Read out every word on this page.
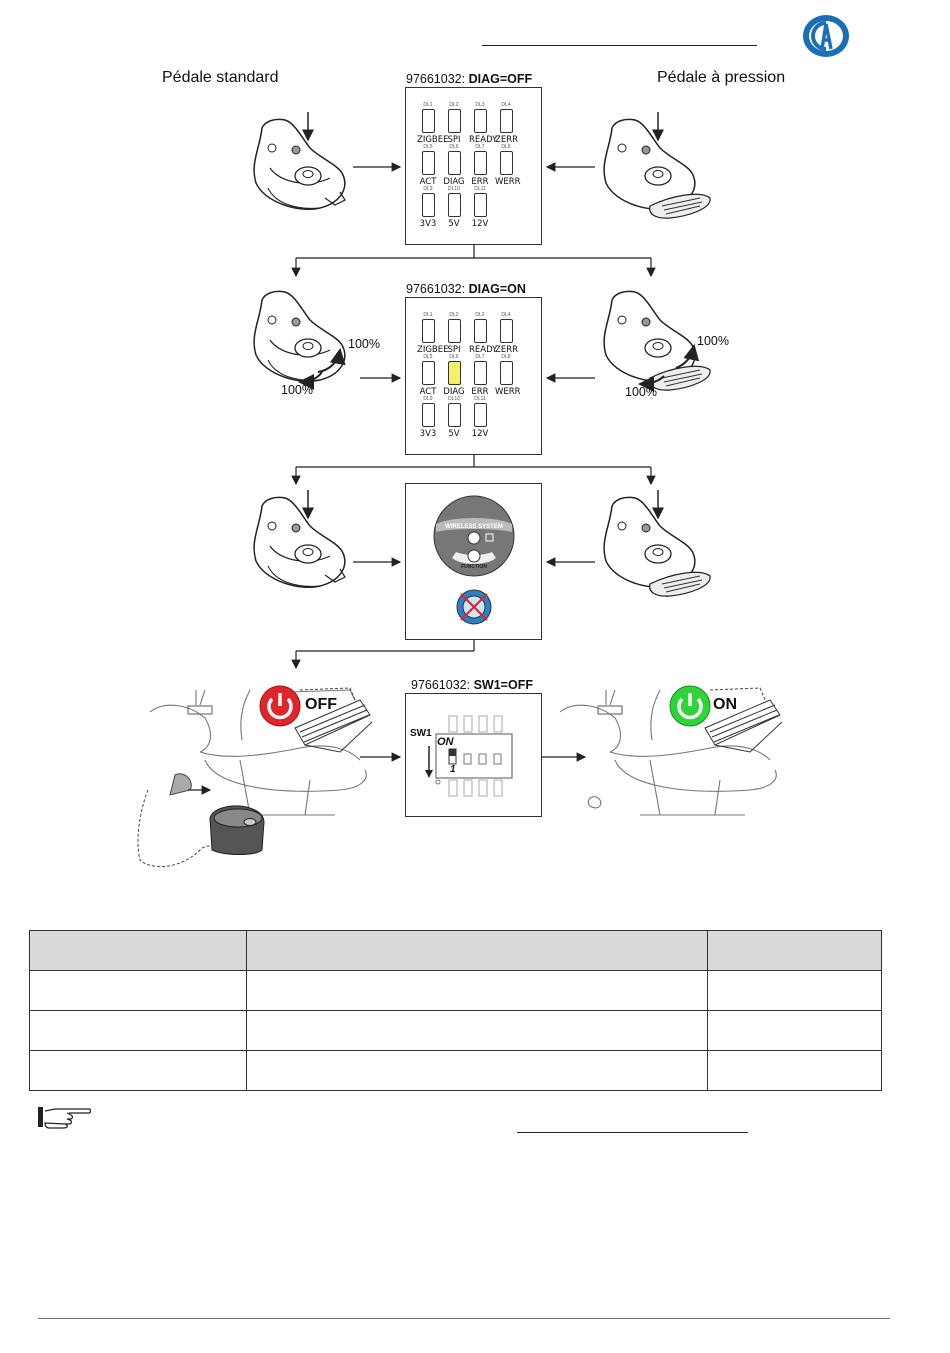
Pédale standard	Pédale à pression
97661032: DIAG=OFF
DL1
ZIGBEE
DL2
SPI
DL3
READY
DL4
ZERR
DL5
ACT
DL6
DIAG
DL7
ERR
DL8
WERR
DL9
3V3
DL10
5V
DL11
12V
97661032: DIAG=ON
DL1
ZIGBEE
DL2
SPI
DL3
READY
DL4
ZERR
DL5
ACT
DL6
DIAG
DL7
ERR
DL8
WERR
DL9
3V3
DL10
5V
DL11
12V
100%
100%
100%
100%
WIRELESS SYSTEM
FUNCTION
97661032: SW1=OFF
SW1
ON
1
OFF	ON
